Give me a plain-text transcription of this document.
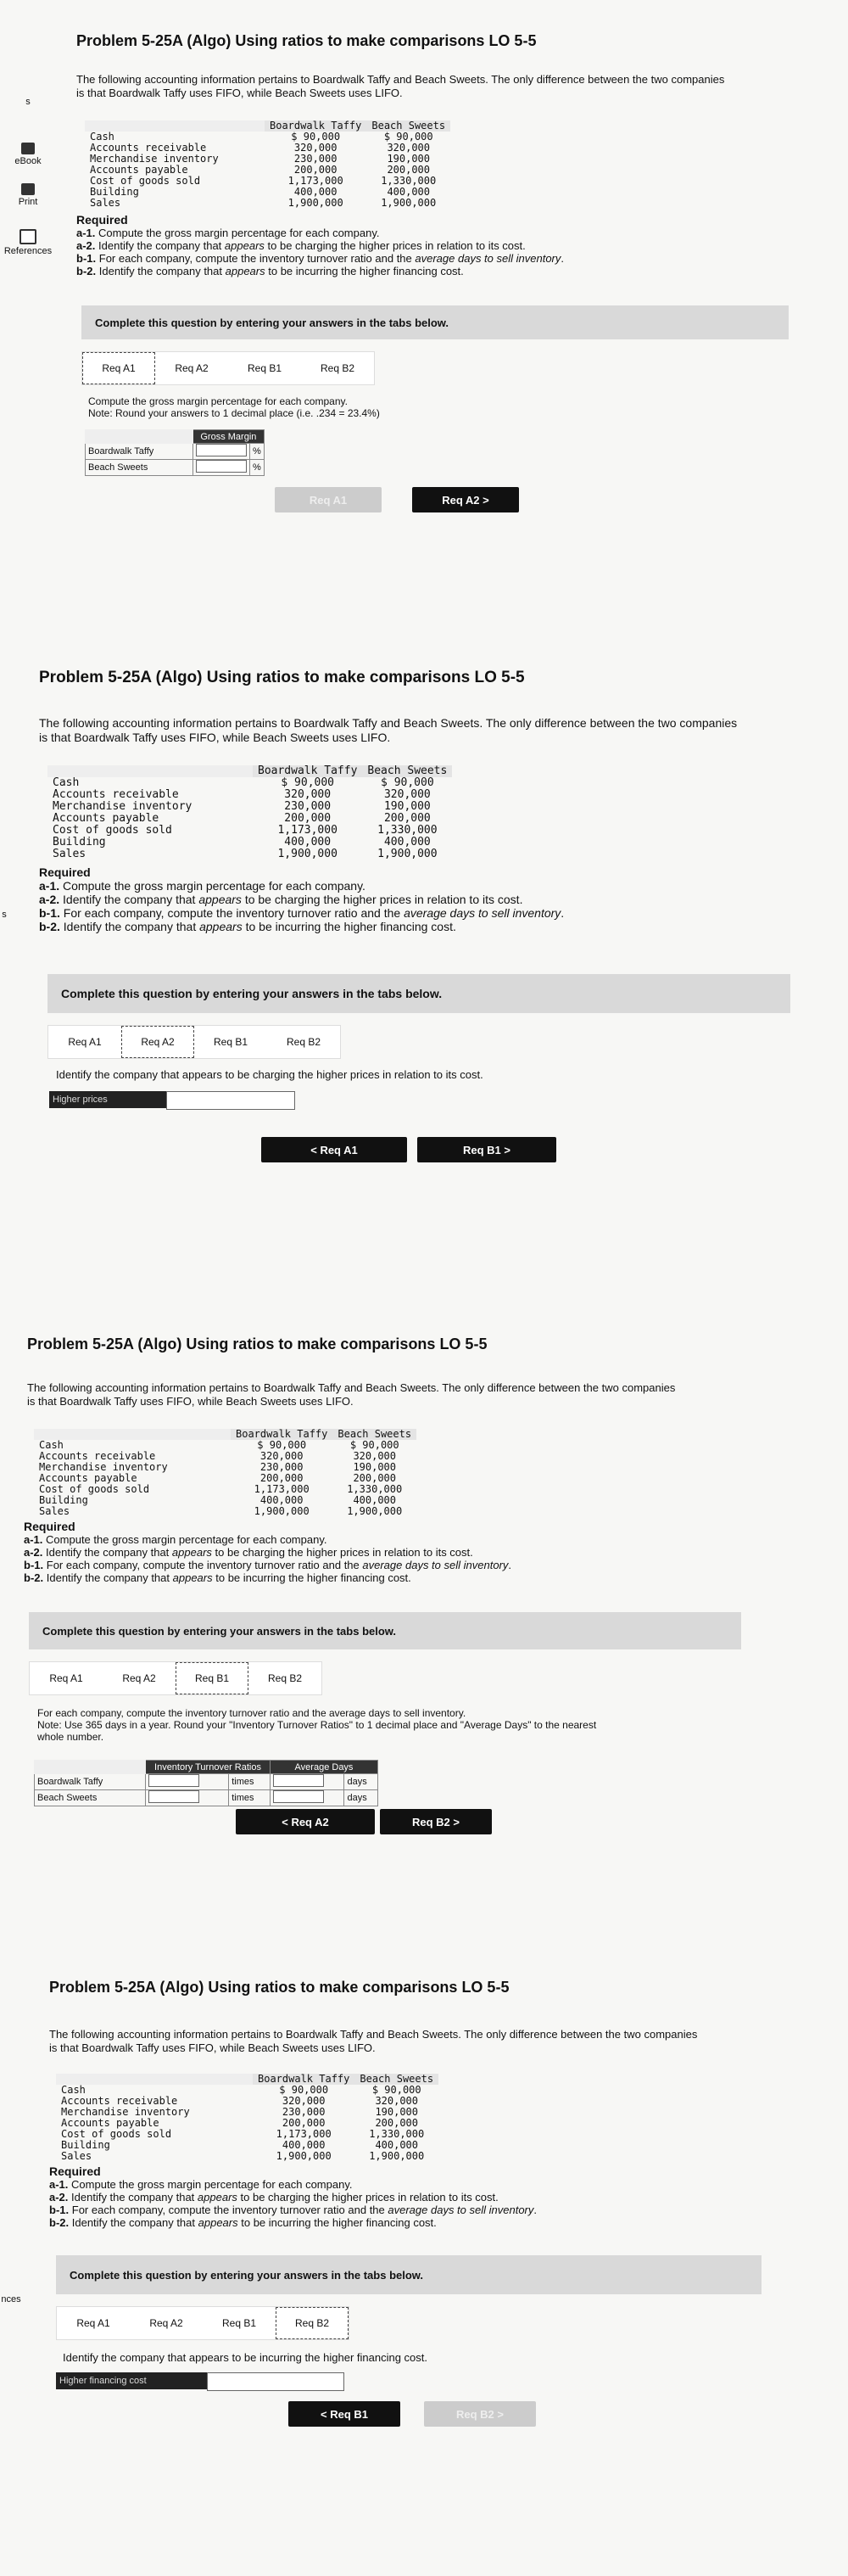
s
eBook
Print
References
s
nces
Problem 5-25A (Algo) Using ratios to make comparisons LO 5-5
The following accounting information pertains to Boardwalk Taffy and Beach Sweets. The only difference between the two companies
is that Boardwalk Taffy uses FIFO, while Beach Sweets uses LIFO.
	Boardwalk Taffy	Beach Sweets
Cash	$ 90,000	$ 90,000
Accounts receivable	320,000	320,000
Merchandise inventory	230,000	190,000
Accounts payable	200,000	200,000
Cost of goods sold	1,173,000	1,330,000
Building	400,000	400,000
Sales	1,900,000	1,900,000
Required
a-1. Compute the gross margin percentage for each company.
a-2. Identify the company that appears to be charging the higher prices in relation to its cost.
b-1. For each company, compute the inventory turnover ratio and the average days to sell inventory.
b-2. Identify the company that appears to be incurring the higher financing cost.
Complete this question by entering your answers in the tabs below.
Req A1	Req A2	Req B1	Req B2
Compute the gross margin percentage for each company.
Note: Round your answers to 1 decimal place (i.e. .234 = 23.4%)
	Gross Margin	
Boardwalk Taffy		%
Beach Sweets		%
Req A1	Req A2 >
Problem 5-25A (Algo) Using ratios to make comparisons LO 5-5
The following accounting information pertains to Boardwalk Taffy and Beach Sweets. The only difference between the two companies
is that Boardwalk Taffy uses FIFO, while Beach Sweets uses LIFO.
	Boardwalk Taffy	Beach Sweets
Cash	$ 90,000	$ 90,000
Accounts receivable	320,000	320,000
Merchandise inventory	230,000	190,000
Accounts payable	200,000	200,000
Cost of goods sold	1,173,000	1,330,000
Building	400,000	400,000
Sales	1,900,000	1,900,000
Required
a-1. Compute the gross margin percentage for each company.
a-2. Identify the company that appears to be charging the higher prices in relation to its cost.
b-1. For each company, compute the inventory turnover ratio and the average days to sell inventory.
b-2. Identify the company that appears to be incurring the higher financing cost.
Complete this question by entering your answers in the tabs below.
Req A1	Req A2	Req B1	Req B2
Identify the company that appears to be charging the higher prices in relation to its cost.
Higher prices
< Req A1	Req B1 >
Problem 5-25A (Algo) Using ratios to make comparisons LO 5-5
The following accounting information pertains to Boardwalk Taffy and Beach Sweets. The only difference between the two companies
is that Boardwalk Taffy uses FIFO, while Beach Sweets uses LIFO.
	Boardwalk Taffy	Beach Sweets
Cash	$ 90,000	$ 90,000
Accounts receivable	320,000	320,000
Merchandise inventory	230,000	190,000
Accounts payable	200,000	200,000
Cost of goods sold	1,173,000	1,330,000
Building	400,000	400,000
Sales	1,900,000	1,900,000
Required
a-1. Compute the gross margin percentage for each company.
a-2. Identify the company that appears to be charging the higher prices in relation to its cost.
b-1. For each company, compute the inventory turnover ratio and the average days to sell inventory.
b-2. Identify the company that appears to be incurring the higher financing cost.
Complete this question by entering your answers in the tabs below.
Req A1	Req A2	Req B1	Req B2
For each company, compute the inventory turnover ratio and the average days to sell inventory.
Note: Use 365 days in a year. Round your "Inventory Turnover Ratios" to 1 decimal place and "Average Days" to the nearest
whole number.
	Inventory Turnover Ratios		Average Days	
Boardwalk Taffy		times		days
Beach Sweets		times		days
< Req A2	Req B2 >
Problem 5-25A (Algo) Using ratios to make comparisons LO 5-5
The following accounting information pertains to Boardwalk Taffy and Beach Sweets. The only difference between the two companies
is that Boardwalk Taffy uses FIFO, while Beach Sweets uses LIFO.
	Boardwalk Taffy	Beach Sweets
Cash	$ 90,000	$ 90,000
Accounts receivable	320,000	320,000
Merchandise inventory	230,000	190,000
Accounts payable	200,000	200,000
Cost of goods sold	1,173,000	1,330,000
Building	400,000	400,000
Sales	1,900,000	1,900,000
Required
a-1. Compute the gross margin percentage for each company.
a-2. Identify the company that appears to be charging the higher prices in relation to its cost.
b-1. For each company, compute the inventory turnover ratio and the average days to sell inventory.
b-2. Identify the company that appears to be incurring the higher financing cost.
Complete this question by entering your answers in the tabs below.
Req A1	Req A2	Req B1	Req B2
Identify the company that appears to be incurring the higher financing cost.
Higher financing cost
< Req B1	Req B2 >
